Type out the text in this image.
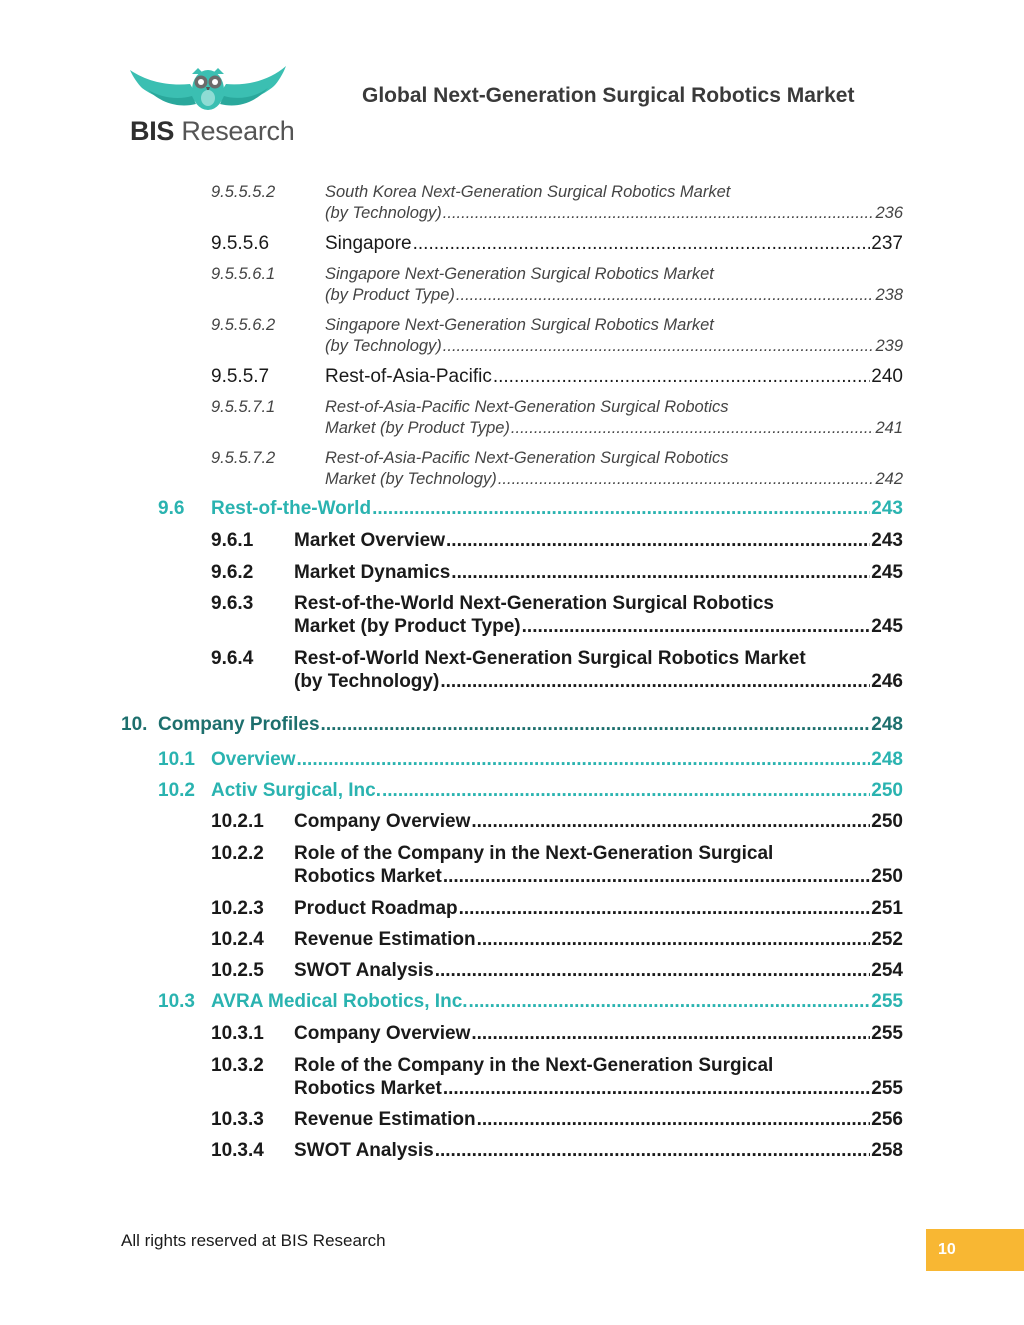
BIS Research
Global Next-Generation Surgical Robotics Market
9.5.5.5.2	South Korea Next-Generation Surgical Robotics Market
(by Technology) .....	236
9.5.5.6	Singapore .....	237
9.5.5.6.1	Singapore Next-Generation Surgical Robotics Market
(by Product Type) .....	238
9.5.5.6.2	Singapore Next-Generation Surgical Robotics Market
(by Technology) .....	239
9.5.5.7	Rest-of-Asia-Pacific .....	240
9.5.5.7.1	Rest-of-Asia-Pacific Next-Generation Surgical Robotics
Market (by Product Type) .....	241
9.5.5.7.2	Rest-of-Asia-Pacific Next-Generation Surgical Robotics
Market (by Technology) .....	242
9.6	Rest-of-the-World .....	243
9.6.1	Market Overview .....	243
9.6.2	Market Dynamics .....	245
9.6.3	Rest-of-the-World Next-Generation Surgical Robotics
Market (by Product Type) .....	245
9.6.4	Rest-of-World Next-Generation Surgical Robotics Market
(by Technology) .....	246
10. Company Profiles .....	248
10.1 Overview .....	248
10.2 Activ Surgical, Inc. .....	250
10.2.1	Company Overview .....	250
10.2.2	Role of the Company in the Next-Generation Surgical
Robotics Market .....	250
10.2.3	Product Roadmap .....	251
10.2.4	Revenue Estimation .....	252
10.2.5	SWOT Analysis .....	254
10.3 AVRA Medical Robotics, Inc. .....	255
10.3.1	Company Overview .....	255
10.3.2	Role of the Company in the Next-Generation Surgical
Robotics Market .....	255
10.3.3	Revenue Estimation .....	256
10.3.4	SWOT Analysis .....	258
All rights reserved at BIS Research	10
